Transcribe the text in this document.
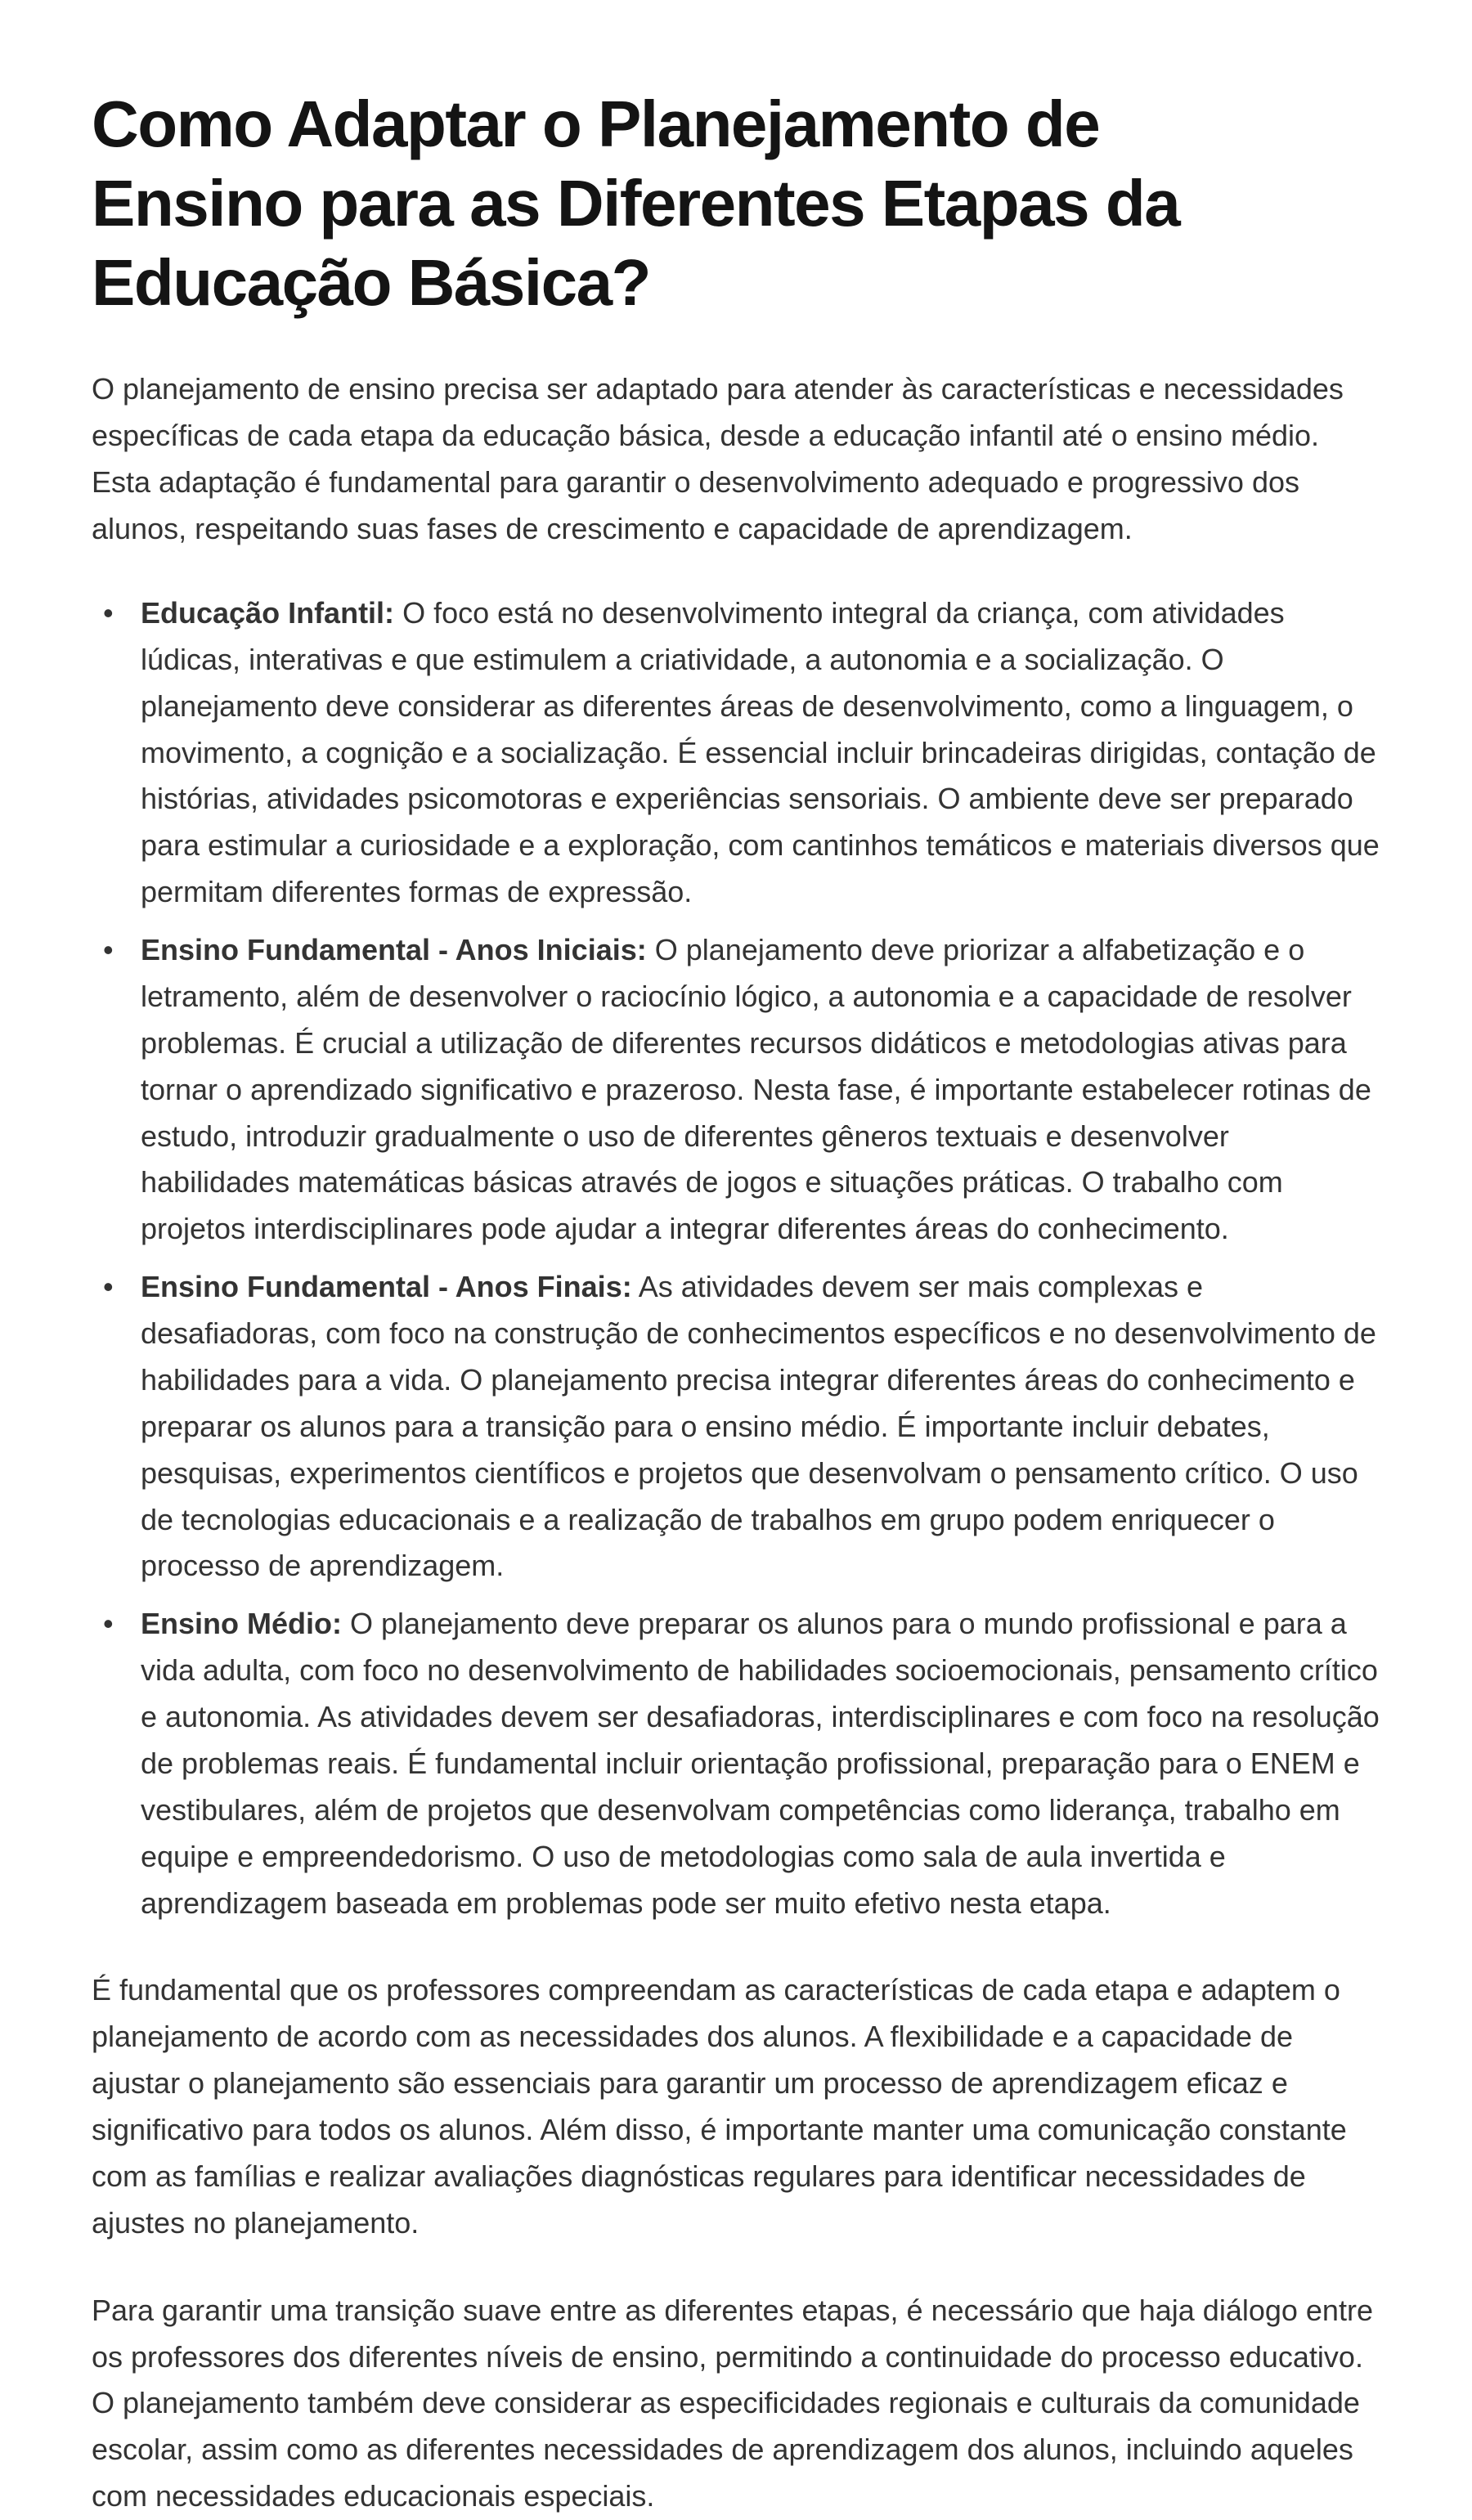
Como Adaptar o Planejamento de Ensino para as Diferentes Etapas da Educação Básica?

O planejamento de ensino precisa ser adaptado para atender às características e necessidades específicas de cada etapa da educação básica, desde a educação infantil até o ensino médio. Esta adaptação é fundamental para garantir o desenvolvimento adequado e progressivo dos alunos, respeitando suas fases de crescimento e capacidade de aprendizagem.

• Educação Infantil: O foco está no desenvolvimento integral da criança, com atividades lúdicas, interativas e que estimulem a criatividade, a autonomia e a socialização. O planejamento deve considerar as diferentes áreas de desenvolvimento, como a linguagem, o movimento, a cognição e a socialização. É essencial incluir brincadeiras dirigidas, contação de histórias, atividades psicomotoras e experiências sensoriais. O ambiente deve ser preparado para estimular a curiosidade e a exploração, com cantinhos temáticos e materiais diversos que permitam diferentes formas de expressão.
• Ensino Fundamental - Anos Iniciais: O planejamento deve priorizar a alfabetização e o letramento, além de desenvolver o raciocínio lógico, a autonomia e a capacidade de resolver problemas. É crucial a utilização de diferentes recursos didáticos e metodologias ativas para tornar o aprendizado significativo e prazeroso. Nesta fase, é importante estabelecer rotinas de estudo, introduzir gradualmente o uso de diferentes gêneros textuais e desenvolver habilidades matemáticas básicas através de jogos e situações práticas. O trabalho com projetos interdisciplinares pode ajudar a integrar diferentes áreas do conhecimento.
• Ensino Fundamental - Anos Finais: As atividades devem ser mais complexas e desafiadoras, com foco na construção de conhecimentos específicos e no desenvolvimento de habilidades para a vida. O planejamento precisa integrar diferentes áreas do conhecimento e preparar os alunos para a transição para o ensino médio. É importante incluir debates, pesquisas, experimentos científicos e projetos que desenvolvam o pensamento crítico. O uso de tecnologias educacionais e a realização de trabalhos em grupo podem enriquecer o processo de aprendizagem.
• Ensino Médio: O planejamento deve preparar os alunos para o mundo profissional e para a vida adulta, com foco no desenvolvimento de habilidades socioemocionais, pensamento crítico e autonomia. As atividades devem ser desafiadoras, interdisciplinares e com foco na resolução de problemas reais. É fundamental incluir orientação profissional, preparação para o ENEM e vestibulares, além de projetos que desenvolvam competências como liderança, trabalho em equipe e empreendedorismo. O uso de metodologias como sala de aula invertida e aprendizagem baseada em problemas pode ser muito efetivo nesta etapa.

É fundamental que os professores compreendam as características de cada etapa e adaptem o planejamento de acordo com as necessidades dos alunos. A flexibilidade e a capacidade de ajustar o planejamento são essenciais para garantir um processo de aprendizagem eficaz e significativo para todos os alunos. Além disso, é importante manter uma comunicação constante com as famílias e realizar avaliações diagnósticas regulares para identificar necessidades de ajustes no planejamento.

Para garantir uma transição suave entre as diferentes etapas, é necessário que haja diálogo entre os professores dos diferentes níveis de ensino, permitindo a continuidade do processo educativo. O planejamento também deve considerar as especificidades regionais e culturais da comunidade escolar, assim como as diferentes necessidades de aprendizagem dos alunos, incluindo aqueles com necessidades educacionais especiais.
